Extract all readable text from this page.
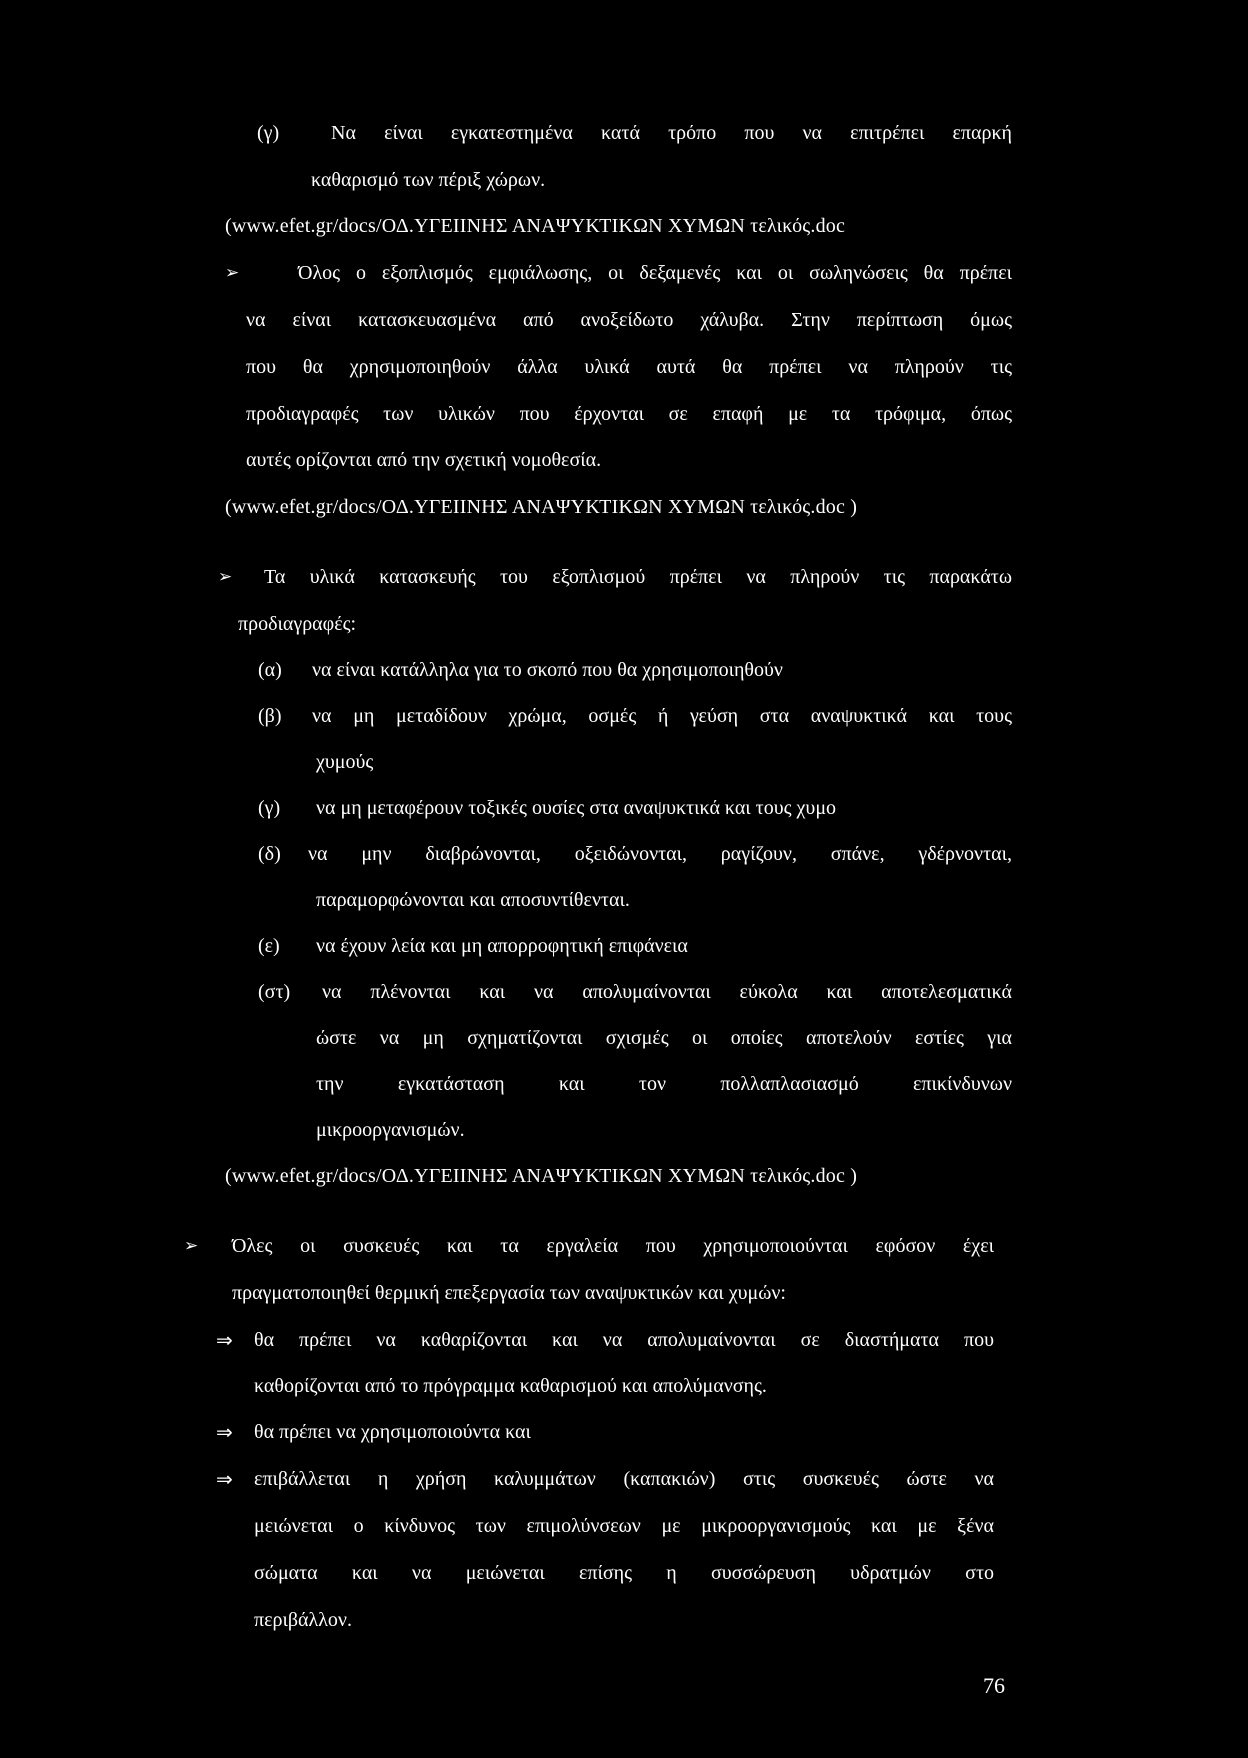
(γ)	Να είναι εγκατεστημένα κατά τρόπο που να επιτρέπει επαρκή
καθαρισμό των πέριξ χώρων.
(www.efet.gr/docs/ΟΔ.ΥΓΕΙΙΝΗΣ ΑΝΑΨΥΚΤΙΚΩΝ ΧΥΜΩΝ τελικός.doc
➢	Όλος ο εξοπλισμός εμφιάλωσης, οι δεξαμενές και οι σωληνώσεις θα πρέπει
να είναι κατασκευασμένα από ανοξείδωτο χάλυβα. Στην περίπτωση όμως
που θα χρησιμοποιηθούν άλλα υλικά αυτά θα πρέπει να πληρούν τις
προδιαγραφές των υλικών που έρχονται σε επαφή με τα τρόφιμα, όπως
αυτές ορίζονται από την σχετική νομοθεσία.
(www.efet.gr/docs/ΟΔ.ΥΓΕΙΙΝΗΣ ΑΝΑΨΥΚΤΙΚΩΝ ΧΥΜΩΝ τελικός.doc )
➢ Τα υλικά κατασκευής του εξοπλισμού πρέπει να πληρούν τις παρακάτω
προδιαγραφές:
(α) να είναι κατάλληλα για το σκοπό που θα χρησιμοποιηθούν
(β) να μη μεταδίδουν χρώμα, οσμές ή γεύση στα αναψυκτικά και τους
χυμούς
(γ) να μη μεταφέρουν τοξικές ουσίες στα αναψυκτικά και τους χυμο
(δ) να μην διαβρώνονται, οξειδώνονται, ραγίζουν, σπάνε, γδέρνονται,
παραμορφώνονται και αποσυντίθενται.
(ε) να έχουν λεία και μη απορροφητική επιφάνεια
(στ) να πλένονται και να απολυμαίνονται εύκολα και αποτελεσματικά
ώστε να μη σχηματίζονται σχισμές οι οποίες αποτελούν εστίες για
την εγκατάσταση και τον πολλαπλασιασμό επικίνδυνων
μικροοργανισμών.
(www.efet.gr/docs/ΟΔ.ΥΓΕΙΙΝΗΣ ΑΝΑΨΥΚΤΙΚΩΝ ΧΥΜΩΝ τελικός.doc )
➢ Όλες οι συσκευές και τα εργαλεία που χρησιμοποιούνται εφόσον έχει
πραγματοποιηθεί θερμική επεξεργασία των αναψυκτικών και χυμών:
⇒ θα πρέπει να καθαρίζονται και να απολυμαίνονται σε διαστήματα που
καθορίζονται από το πρόγραμμα καθαρισμού και απολύμανσης.
⇒ θα πρέπει να χρησιμοποιούντα και
⇒ επιβάλλεται η χρήση καλυμμάτων (καπακιών) στις συσκευές ώστε να
μειώνεται ο κίνδυνος των επιμολύνσεων με μικροοργανισμούς και με ξένα
σώματα και να μειώνεται επίσης η συσσώρευση υδρατμών στο
περιβάλλον.
76
